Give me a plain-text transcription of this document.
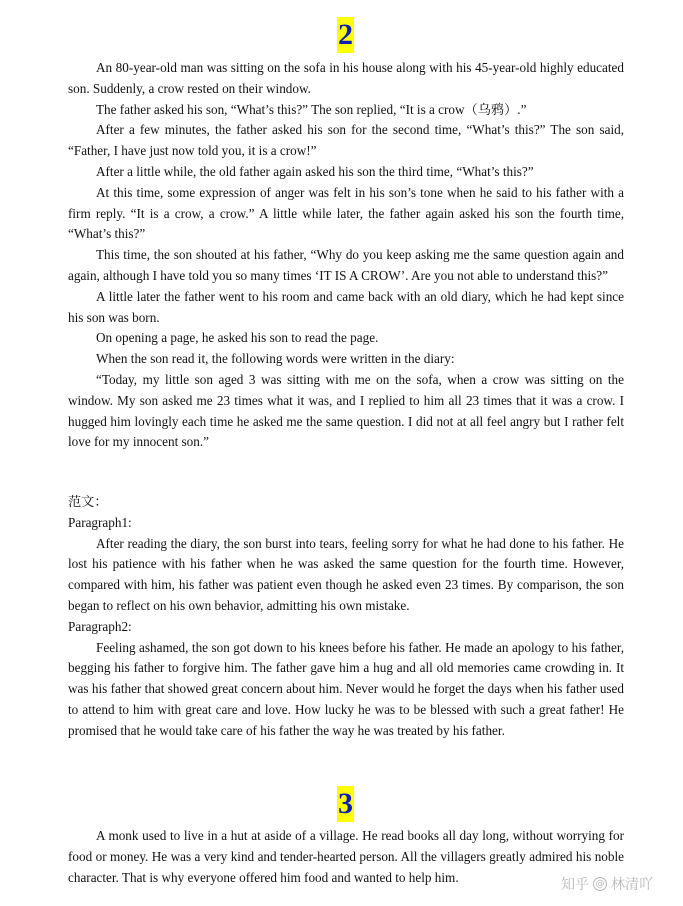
2

An 80-year-old man was sitting on the sofa in his house along with his 45-year-old highly educated son. Suddenly, a crow rested on their window.

The father asked his son, “What’s this?” The son replied, “It is a crow（乌鸦）.”

After a few minutes, the father asked his son for the second time, “What’s this?” The son said, “Father, I have just now told you, it is a crow!”

After a little while, the old father again asked his son the third time, “What’s this?”

At this time, some expression of anger was felt in his son’s tone when he said to his father with a firm reply. “It is a crow, a crow.” A little while later, the father again asked his son the fourth time, “What’s this?”

This time, the son shouted at his father, “Why do you keep asking me the same question again and again, although I have told you so many times ‘IT IS A CROW’. Are you not able to understand this?”

A little later the father went to his room and came back with an old diary, which he had kept since his son was born.

On opening a page, he asked his son to read the page.

When the son read it, the following words were written in the diary:

“Today, my little son aged 3 was sitting with me on the sofa, when a crow was sitting on the window. My son asked me 23 times what it was, and I replied to him all 23 times that it was a crow. I hugged him lovingly each time he asked me the same question. I did not at all feel angry but I rather felt love for my innocent son.”

范文：

Paragraph1:

After reading the diary, the son burst into tears, feeling sorry for what he had done to his father. He lost his patience with his father when he was asked the same question for the fourth time. However, compared with him, his father was patient even though he asked even 23 times. By comparison, the son began to reflect on his own behavior, admitting his own mistake.

Paragraph2:

Feeling ashamed, the son got down to his knees before his father. He made an apology to his father, begging his father to forgive him. The father gave him a hug and all old memories came crowding in. It was his father that showed great concern about him. Never would he forget the days when his father used to attend to him with great care and love. How lucky he was to be blessed with such a great father! He promised that he would take care of his father the way he was treated by his father.

3

A monk used to live in a hut at aside of a village. He read books all day long, without worrying for food or money. He was a very kind and tender-hearted person. All the villagers greatly admired his noble character. That is why everyone offered him food and wanted to help him.	知乎 @ 林清吖
